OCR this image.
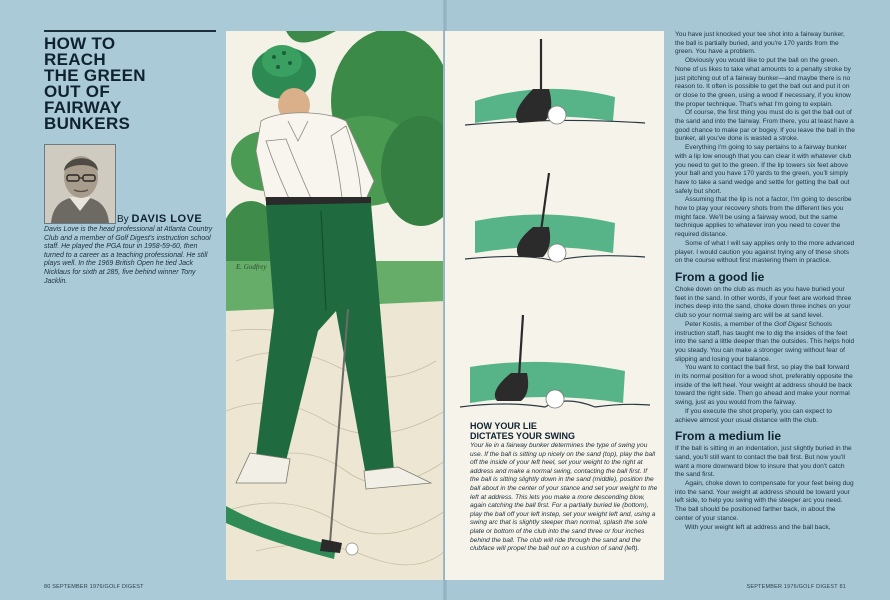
HOW TO
REACH
THE GREEN
OUT OF
FAIRWAY
BUNKERS
By DAVIS LOVE
Davis Love is the head professional at Atlanta Country Club and a member of Golf Digest's instruction school staff. He played the PGA tour in 1958-59-60, then turned to a career as a teaching professional. He still plays well. In the 1969 British Open he tied Jack Nicklaus for sixth at 285, five behind winner Tony Jacklin.
E. Godfrey
80 SEPTEMBER 1976/GOLF DIGEST
HOW YOUR LIE
DICTATES YOUR SWING
Your lie in a fairway bunker determines the type of swing you use. If the ball is sitting up nicely on the sand (top), play the ball off the inside of your left heel, set your weight to the right at address and make a normal swing, contacting the ball first. If the ball is sitting slightly down in the sand (middle), position the ball about in the center of your stance and set your weight to the left at address. This lets you make a more descending blow, again catching the ball first. For a partially buried lie (bottom), play the ball off your left instep, set your weight left and, using a swing arc that is slightly steeper than normal, splash the sole plate or bottom of the club into the sand three or four inches behind the ball. The club will ride through the sand and the clubface will propel the ball out on a cushion of sand (left).

You have just knocked your tee shot into a fairway bunker, the ball is partially buried, and you're 170 yards from the green. You have a problem.

Obviously you would like to put the ball on the green. None of us likes to take what amounts to a penalty stroke by just pitching out of a fairway bunker—and maybe there is no reason to. It often is possible to get the ball out and put it on or close to the green, using a wood if necessary, if you know the proper technique. That's what I'm going to explain.

Of course, the first thing you must do is get the ball out of the sand and into the fairway. From there, you at least have a good chance to make par or bogey. If you leave the ball in the bunker, all you've done is wasted a stroke.

Everything I'm going to say pertains to a fairway bunker with a lip low enough that you can clear it with whatever club you need to get to the green. If the lip towers six feet above your ball and you have 170 yards to the green, you'll simply have to take a sand wedge and settle for getting the ball out safely but short.

Assuming that the lip is not a factor, I'm going to describe how to play your recovery shots from the different lies you might face. We'll be using a fairway wood, but the same technique applies to whatever iron you need to cover the required distance.

Some of what I will say applies only to the more advanced player. I would caution you against trying any of these shots on the course without first mastering them in practice.

From a good lie

Choke down on the club as much as you have buried your feet in the sand. In other words, if your feet are worked three inches deep into the sand, choke down three inches on your club so your normal swing arc will be at sand level.

Peter Kostis, a member of the Golf Digest Schools instruction staff, has taught me to dig the insides of the feet into the sand a little deeper than the outsides. This helps hold you steady. You can make a stronger swing without fear of slipping and losing your balance.

You want to contact the ball first, so play the ball forward in its normal position for a wood shot, preferably opposite the inside of the left heel. Your weight at address should be back toward the right side. Then go ahead and make your normal swing, just as you would from the fairway.

If you execute the shot properly, you can expect to achieve almost your usual distance with the club.

From a medium lie

If the ball is sitting in an indentation, just slightly buried in the sand, you'll still want to contact the ball first. But now you'll want a more downward blow to insure that you don't catch the sand first.

Again, choke down to compensate for your feet being dug into the sand. Your weight at address should be toward your left side, to help you swing with the steeper arc you need. The ball should be positioned farther back, in about the center of your stance.

With your weight left at address and the ball back,

SEPTEMBER 1976/GOLF DIGEST 81
